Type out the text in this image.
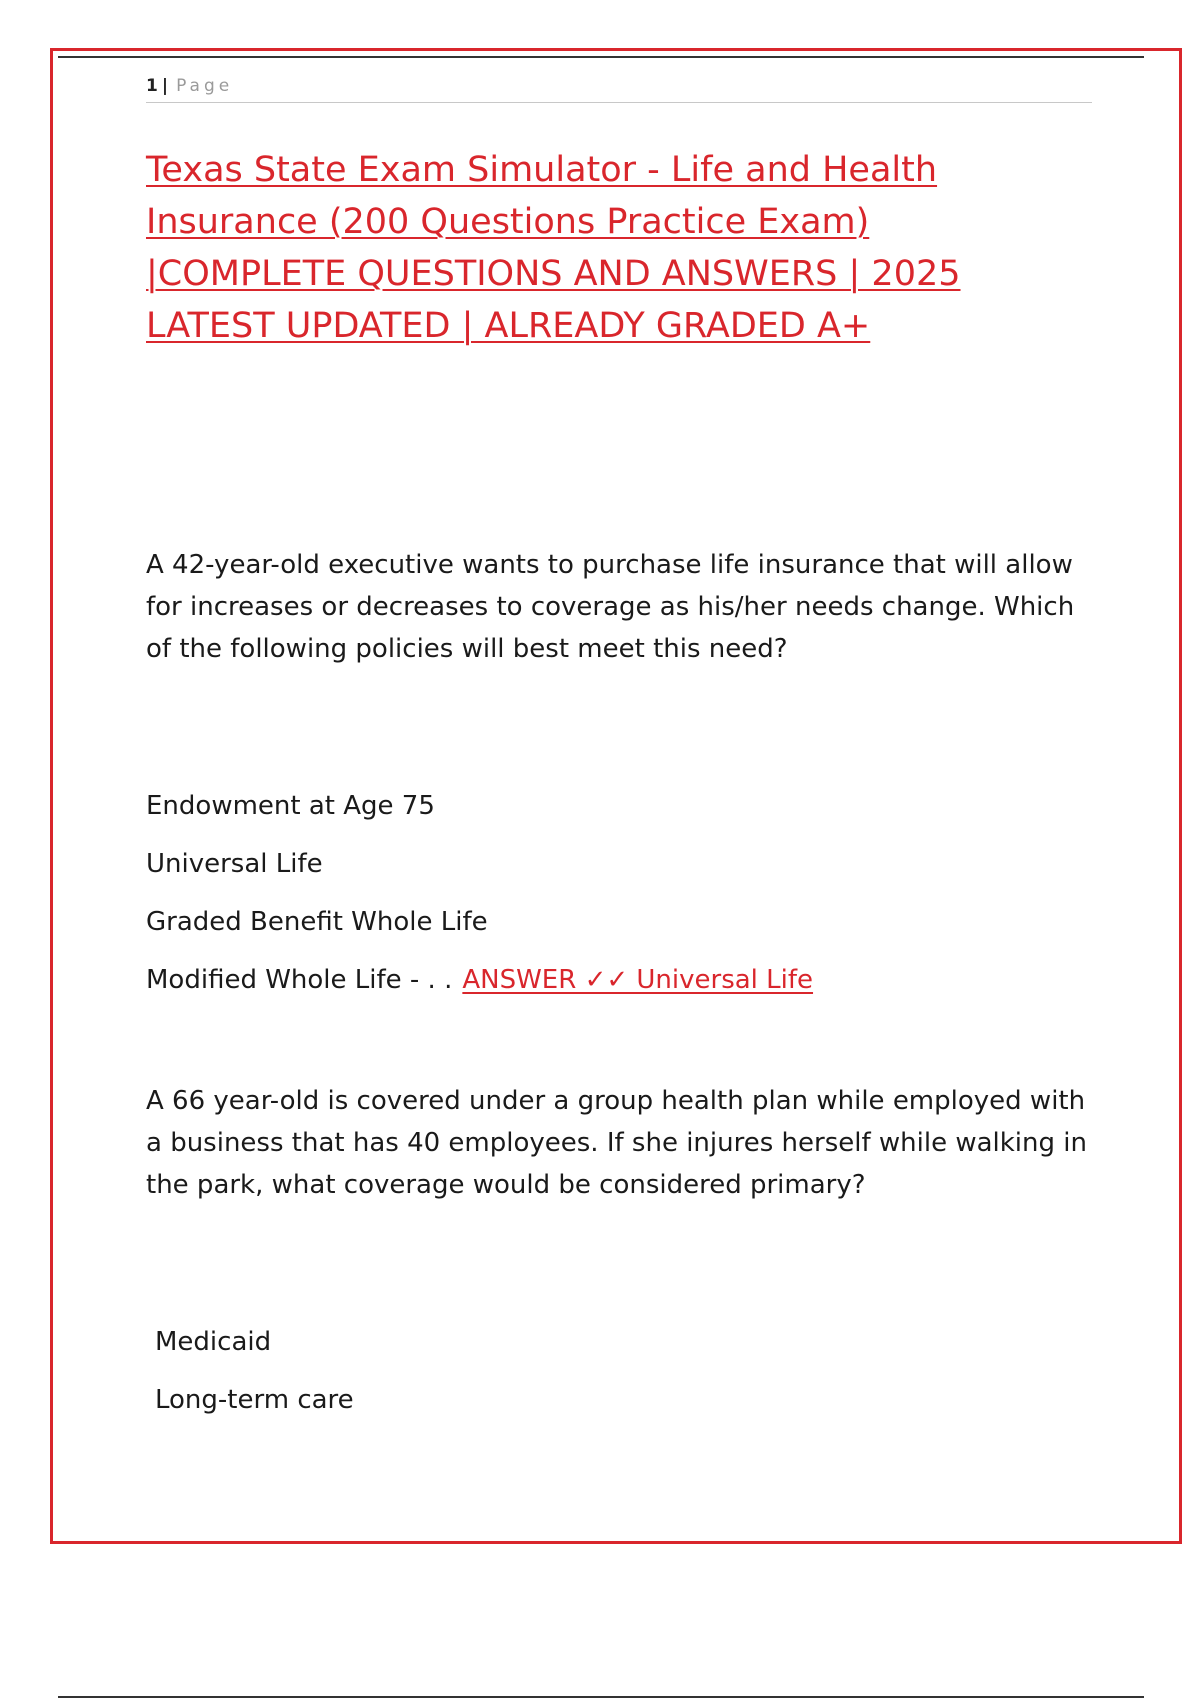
1 | Page
Texas State Exam Simulator - Life and Health
Insurance (200 Questions Practice Exam)
|COMPLETE QUESTIONS AND ANSWERS | 2025
LATEST UPDATED | ALREADY GRADED A+

A 42-year-old executive wants to purchase life insurance that will allow for increases or decreases to coverage as his/her needs change. Which of the following policies will best meet this need?

Endowment at Age 75
Universal Life
Graded Benefit Whole Life
Modified Whole Life - . . ANSWER ✓✓ Universal Life

A 66 year-old is covered under a group health plan while employed with a business that has 40 employees. If she injures herself while walking in the park, what coverage would be considered primary?

Medicaid
Long-term care
